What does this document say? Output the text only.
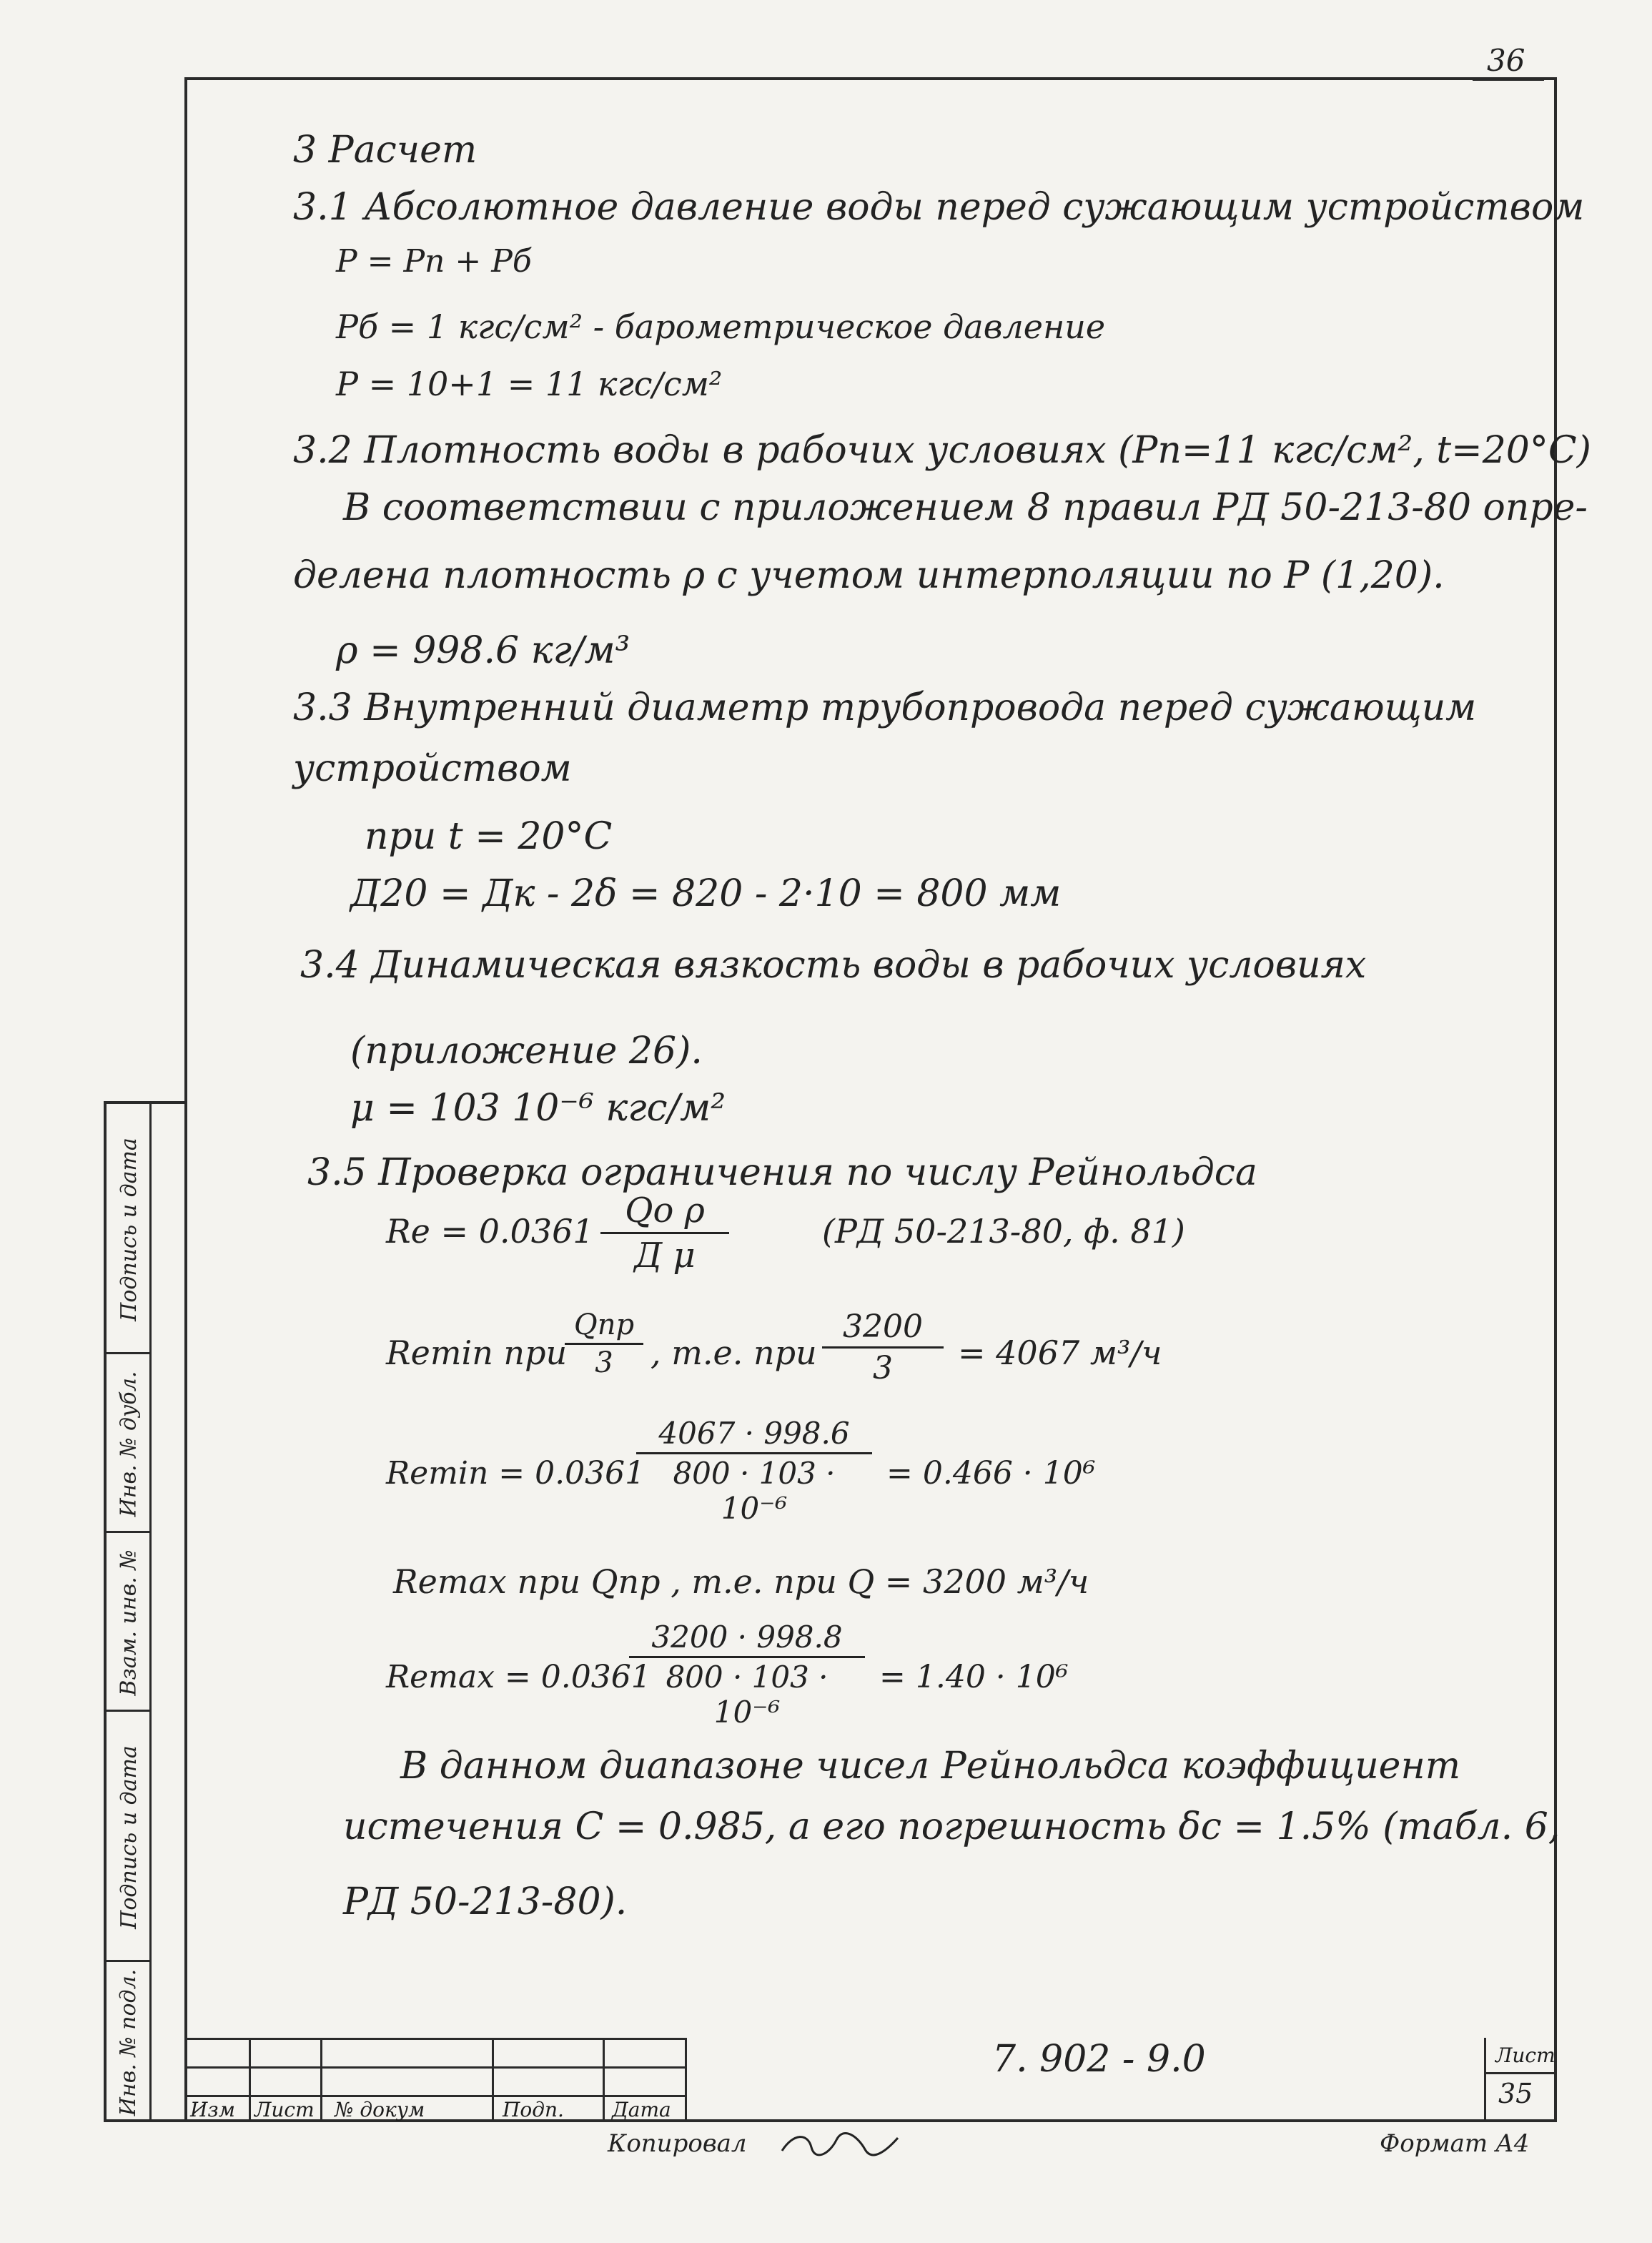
36
Подпись и дата
Инв. № дубл.
Взам. инв. №
Подпись и дата
Инв. № подл.
3 Расчет
3.1 Абсолютное давление воды перед сужающим устройством
P = Pп + Pб
Pб = 1 кгс/см² - барометрическое давление
P = 10+1 = 11 кгс/см²
3.2 Плотность воды в рабочих условиях (Pп=11 кгс/см², t=20°C)
В соответствии с приложением 8 правил РД 50-213-80 опре-
делена плотность ρ с учетом интерполяции по P (1,20).
ρ = 998.6 кг/м³
3.3 Внутренний диаметр трубопровода перед сужающим
устройством
при t = 20°C
Д20 = Дк - 2δ = 820 - 2·10 = 800 мм
3.4 Динамическая вязкость воды в рабочих условиях
(приложение 26).
μ = 103 10⁻⁶ кгс/м²
3.5 Проверка ограничения по числу Рейнольдса
Re = 0.0361
Qо ρ
Д μ
(РД 50-213-80, ф. 81)
Remin при
Qпр
3	, т.е. при
3200
3	= 4067 м³/ч
Remin = 0.0361
4067 · 998.6
800 · 103 · 10⁻⁶
= 0.466 · 10⁶
Remax при Qпр , т.е. при Q = 3200 м³/ч
Remax = 0.0361
3200 · 998.8
800 · 103 · 10⁻⁶
= 1.40 · 10⁶
В данном диапазоне чисел Рейнольдса коэффициент
истечения C = 0.985, а его погрешность δc = 1.5% (табл. 6,
РД 50-213-80).
Изм Лист № докум	Подп. Дата
7. 902 - 9.0	Лист
35
Копировал	Формат А4
